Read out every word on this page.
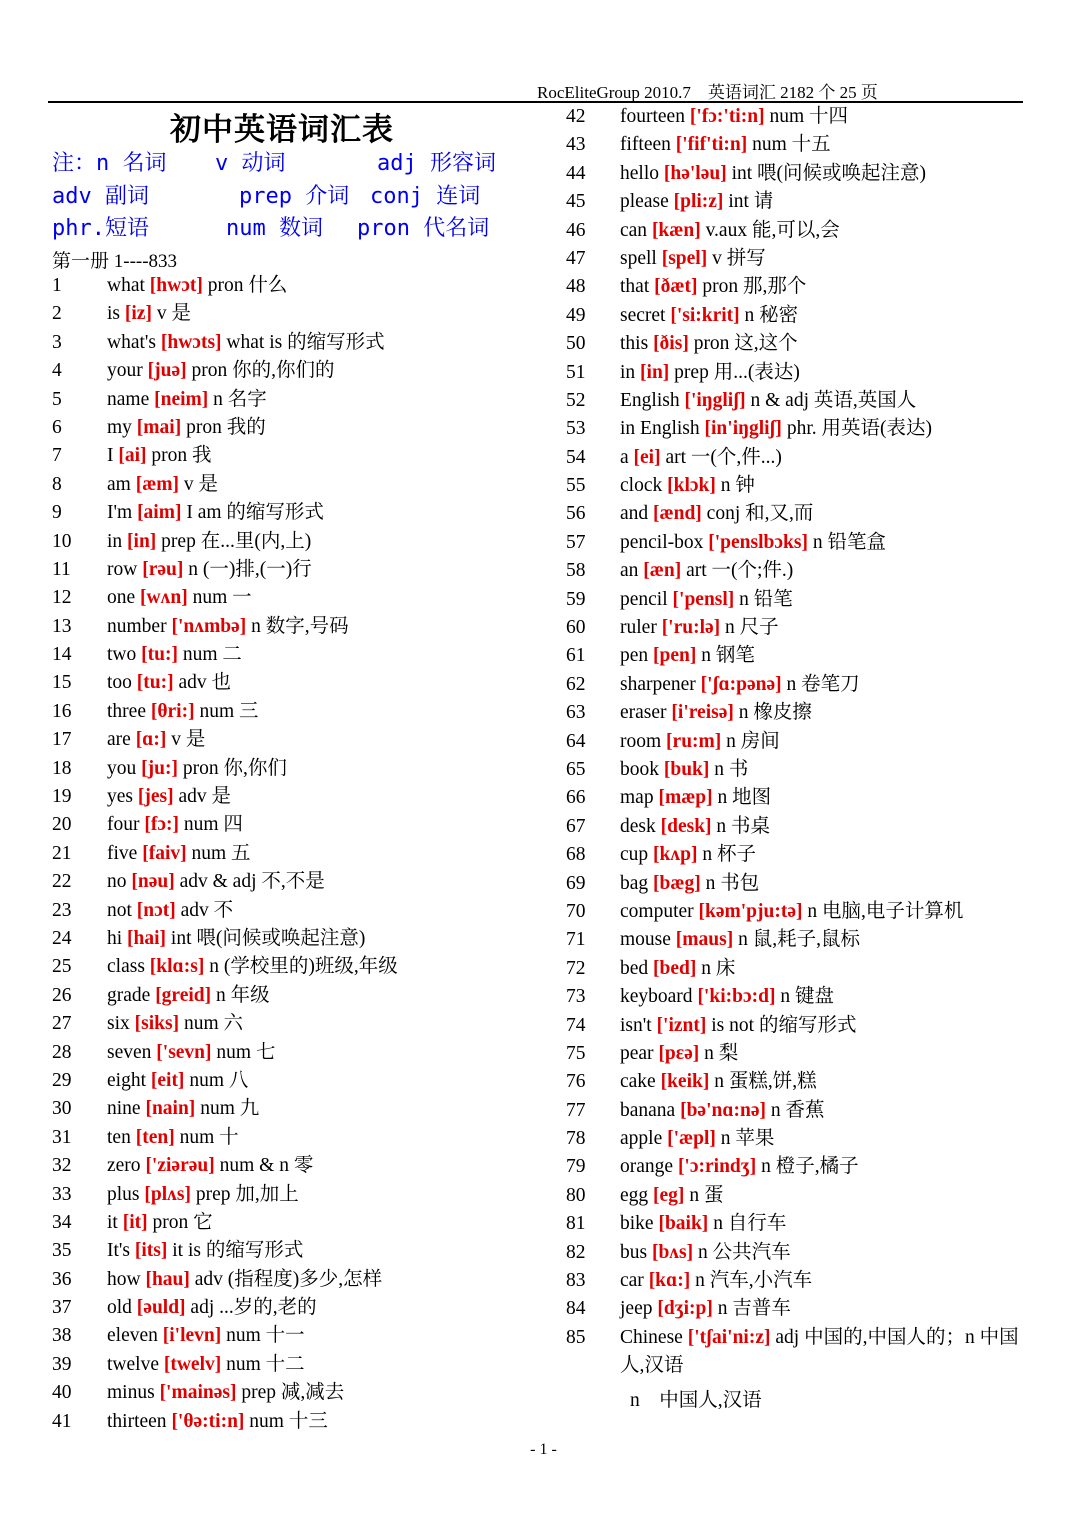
RocEliteGroup 2010.7　英语词汇 2182 个 25 页
初中英语词汇表
注：n 名词 v 动词	adj 形容词
adv 副词	prep 介词 conj 连词
phr.短语	num 数词 pron 代名词
第一册 1----833
1 what [hwɔt] pron 什么
2 is [iz] v 是
3 what's [hwɔts] what is 的缩写形式
4 your [juə] pron 你的,你们的
5 name [neim] n 名字
6 my [mai] pron 我的
7 I [ai] pron 我
8 am [æm] v 是
9 I'm [aim] I am 的缩写形式
10 in [in] prep 在...里(内,上)
11 row [rəu] n (一)排,(一)行
12 one [wʌn] num 一
13 number ['nʌmbə] n 数字,号码
14 two [tu:] num 二
15 too [tu:] adv 也
16 three [θri:] num 三
17 are [ɑ:] v 是
18 you [ju:] pron 你,你们
19 yes [jes] adv 是
20 four [fɔ:] num 四
21 five [faiv] num 五
22 no [nəu] adv & adj 不,不是
23 not [nɔt] adv 不
24 hi [hai] int 喂(问候或唤起注意)
25 class [klɑ:s] n (学校里的)班级,年级
26 grade [greid] n 年级
27 six [siks] num 六
28 seven ['sevn] num 七
29 eight [eit] num 八
30 nine [nain] num 九
31 ten [ten] num 十
32 zero ['ziərəu] num & n 零
33 plus [plʌs] prep 加,加上
34 it [it] pron 它
35 It's [its] it is 的缩写形式
36 how [hau] adv (指程度)多少,怎样
37 old [əuld] adj ...岁的,老的
38 eleven [i'levn] num 十一
39 twelve [twelv] num 十二
40 minus ['mainəs] prep 减,减去
41 thirteen ['θə:ti:n] num 十三
42 fourteen ['fɔ:'ti:n] num 十四
43 fifteen ['fif'ti:n] num 十五
44 hello [hə'ləu] int 喂(问候或唤起注意)
45 please [pli:z] int 请
46 can [kæn] v.aux 能,可以,会
47 spell [spel] v 拼写
48 that [ðæt] pron 那,那个
49 secret ['si:krit] n 秘密
50 this [ðis] pron 这,这个
51 in [in] prep 用...(表达)
52 English ['iŋgliʃ] n & adj 英语,英国人
53 in English [in'iŋgliʃ] phr. 用英语(表达)
54 a [ei] art 一(个,件...)
55 clock [klɔk] n 钟
56 and [ænd] conj 和,又,而
57 pencil-box ['penslbɔks] n 铅笔盒
58 an [æn] art 一(个;件.)
59 pencil ['pensl] n 铅笔
60 ruler ['ru:lə] n 尺子
61 pen [pen] n 钢笔
62 sharpener ['ʃɑ:pənə] n 卷笔刀
63 eraser [i'reisə] n 橡皮擦
64 room [ru:m] n 房间
65 book [buk] n 书
66 map [mæp] n 地图
67 desk [desk] n 书桌
68 cup [kʌp] n 杯子
69 bag [bæg] n 书包
70 computer [kəm'pju:tə] n 电脑,电子计算机
71 mouse [maus] n 鼠,耗子,鼠标
72 bed [bed] n 床
73 keyboard ['ki:bɔ:d] n 键盘
74 isn't ['iznt] is not 的缩写形式
75 pear [pεə] n 梨
76 cake [keik] n 蛋糕,饼,糕
77 banana [bə'nɑ:nə] n 香蕉
78 apple ['æpl] n 苹果
79 orange ['ɔ:rindʒ] n 橙子,橘子
80 egg [eg] n 蛋
81 bike [baik] n 自行车
82 bus [bʌs] n 公共汽车
83 car [kɑ:] n 汽车,小汽车
84 jeep [dʒi:p] n 吉普车
85 Chinese ['tʃai'ni:z] adj 中国的,中国人的；n 中国人,汉语
n　中国人,汉语
- 1 -
